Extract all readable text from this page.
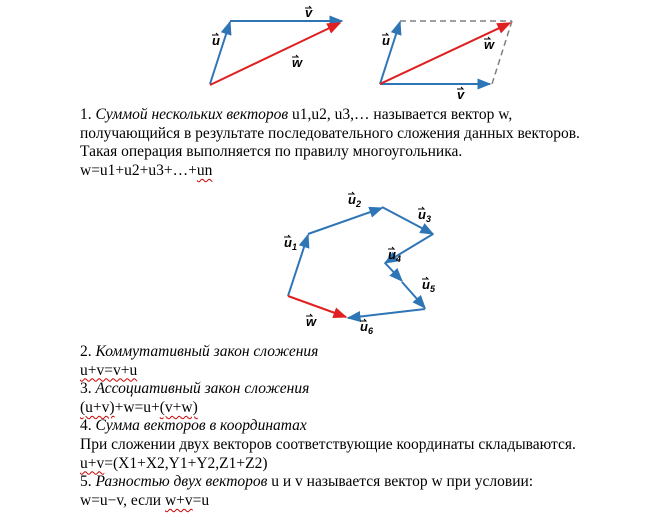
u
v
w
u	w
v
$u_1$
$u_2$
$u_3$
$u_4$
$u_5$
$u_6$
w
1. Суммой нескольких векторов u1,u2, u3,… называется вектор w,
получающийся в результате последовательного сложения данных векторов.
Такая операция выполняется по правилу многоугольника.
w=u1+u2+u3+…+un
2. Коммутативный закон сложения
u+v=v+u
3. Ассоциативный закон сложения
(u+v)+w=u+(v+w)
4. Сумма векторов в координатах
При сложении двух векторов соответствующие координаты складываются.
u+v=(X1+X2,Y1+Y2,Z1+Z2)
5. Разностью двух векторов u и v называется вектор w при условии:
w=u−v, если w+v=u
